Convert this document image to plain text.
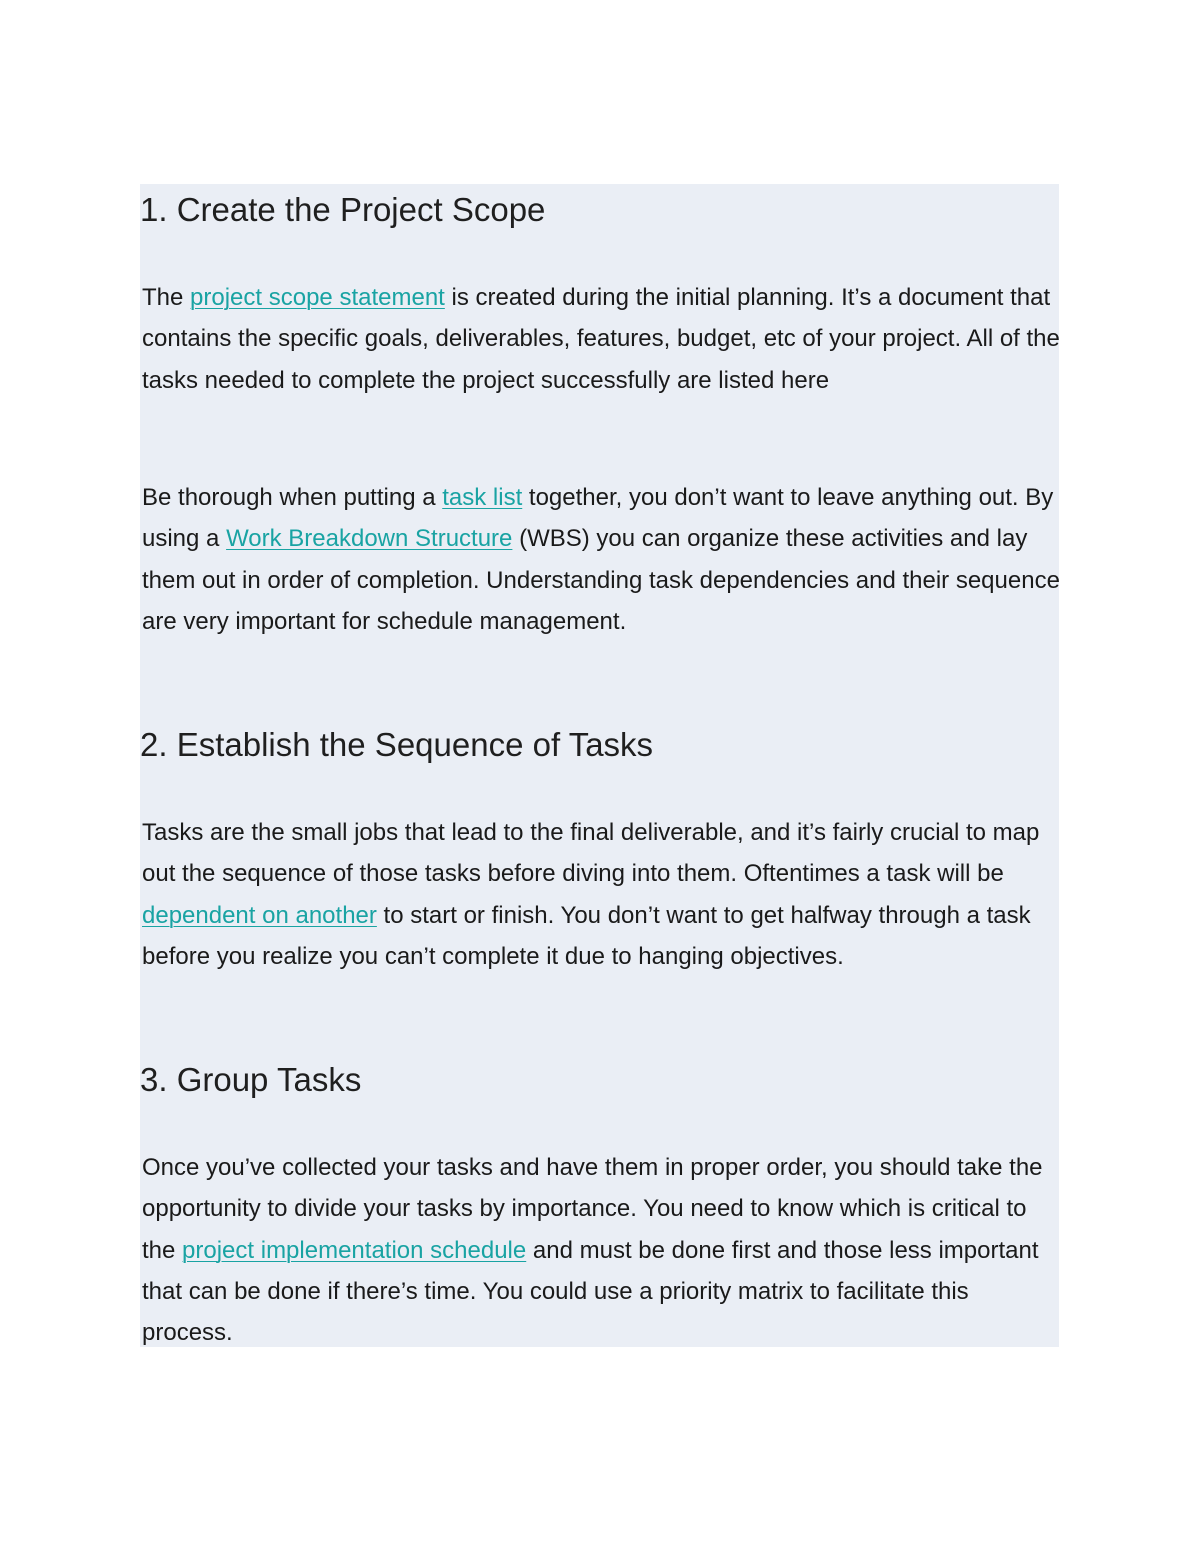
1. Create the Project Scope

The project scope statement is created during the initial planning. It’s a document that contains the specific goals, deliverables, features, budget, etc of your project. All of the tasks needed to complete the project successfully are listed here

Be thorough when putting a task list together, you don’t want to leave anything out. By using a Work Breakdown Structure (WBS) you can organize these activities and lay them out in order of completion. Understanding task dependencies and their sequence are very important for schedule management.

2. Establish the Sequence of Tasks

Tasks are the small jobs that lead to the final deliverable, and it’s fairly crucial to map out the sequence of those tasks before diving into them. Oftentimes a task will be dependent on another to start or finish. You don’t want to get halfway through a task before you realize you can’t complete it due to hanging objectives.

3. Group Tasks

Once you’ve collected your tasks and have them in proper order, you should take the opportunity to divide your tasks by importance. You need to know which is critical to the project implementation schedule and must be done first and those less important that can be done if there’s time. You could use a priority matrix to facilitate this process.
